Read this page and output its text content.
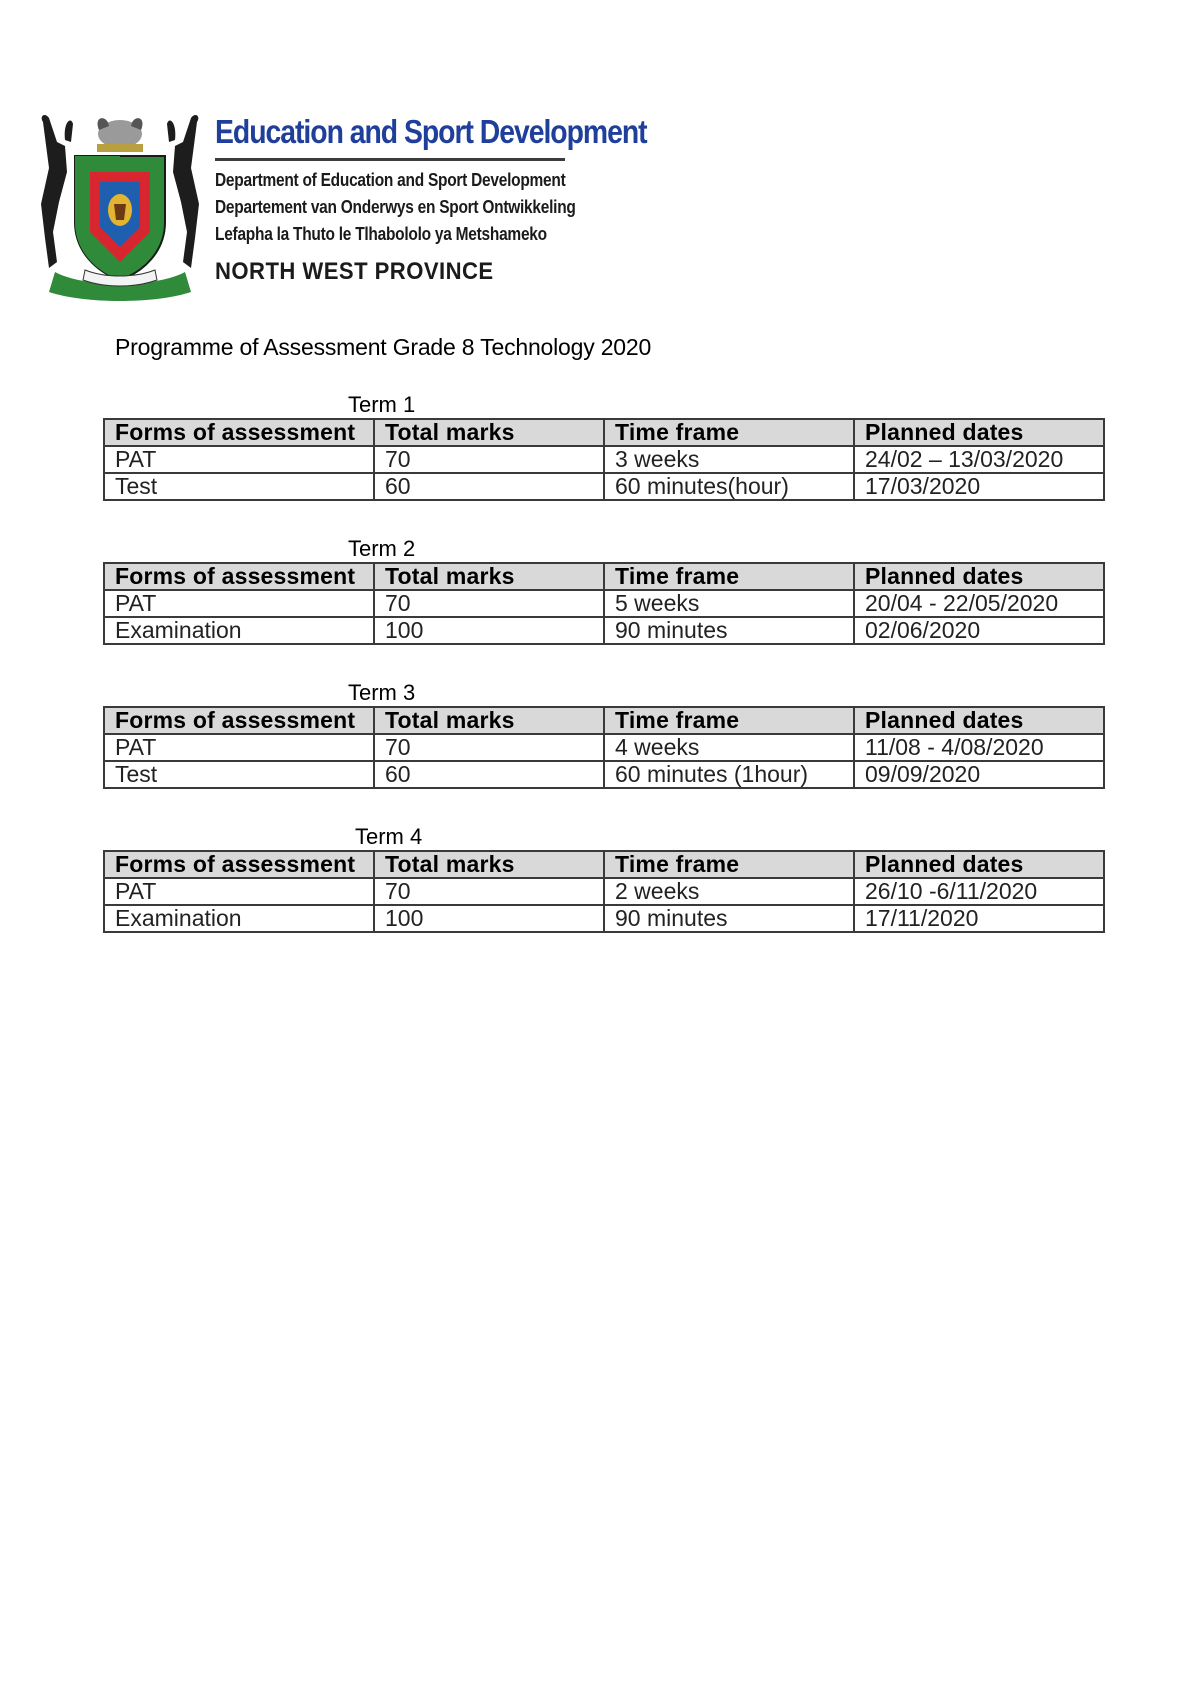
Education and Sport Development
Department of Education and Sport Development
Departement van Onderwys en Sport Ontwikkeling
Lefapha la Thuto le Tlhabololo ya Metshameko
NORTH WEST PROVINCE
Programme of Assessment Grade 8 Technology 2020
Term 1
Forms of assessment	Total marks	Time frame	Planned dates
PAT	70	3 weeks	24/02 – 13/03/2020
Test	60	60 minutes(hour)	17/03/2020
Term 2
Forms of assessment	Total marks	Time frame	Planned dates
PAT	70	5 weeks	20/04 - 22/05/2020
Examination	100	90 minutes	02/06/2020
Term 3
Forms of assessment	Total marks	Time frame	Planned dates
PAT	70	4 weeks	11/08 - 4/08/2020
Test	60	60 minutes (1hour)	09/09/2020
Term 4
Forms of assessment	Total marks	Time frame	Planned dates
PAT	70	2 weeks	26/10 -6/11/2020
Examination	100	90 minutes	17/11/2020
